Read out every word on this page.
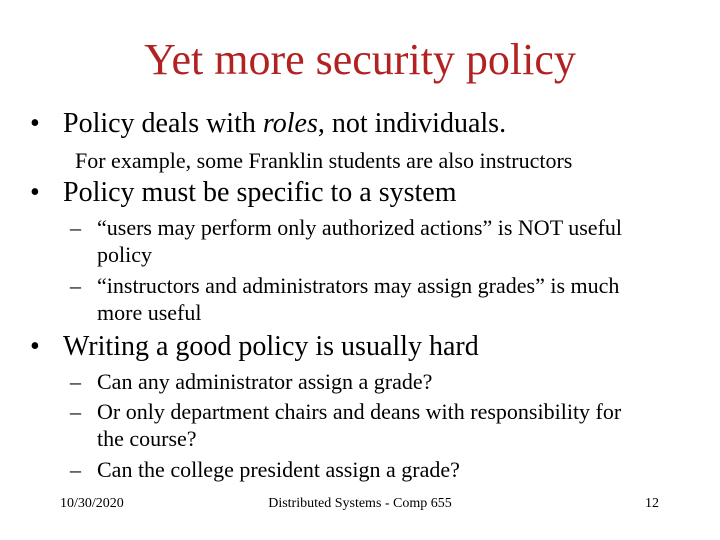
Yet more security policy
• Policy deals with roles, not individuals.
For example, some Franklin students are also instructors
• Policy must be specific to a system
– “users may perform only authorized actions” is NOT useful
policy
– “instructors and administrators may assign grades” is much
more useful
• Writing a good policy is usually hard
– Can any administrator assign a grade?
– Or only department chairs and deans with responsibility for
the course?
– Can the college president assign a grade?
10/30/2020	Distributed Systems - Comp 655	12
